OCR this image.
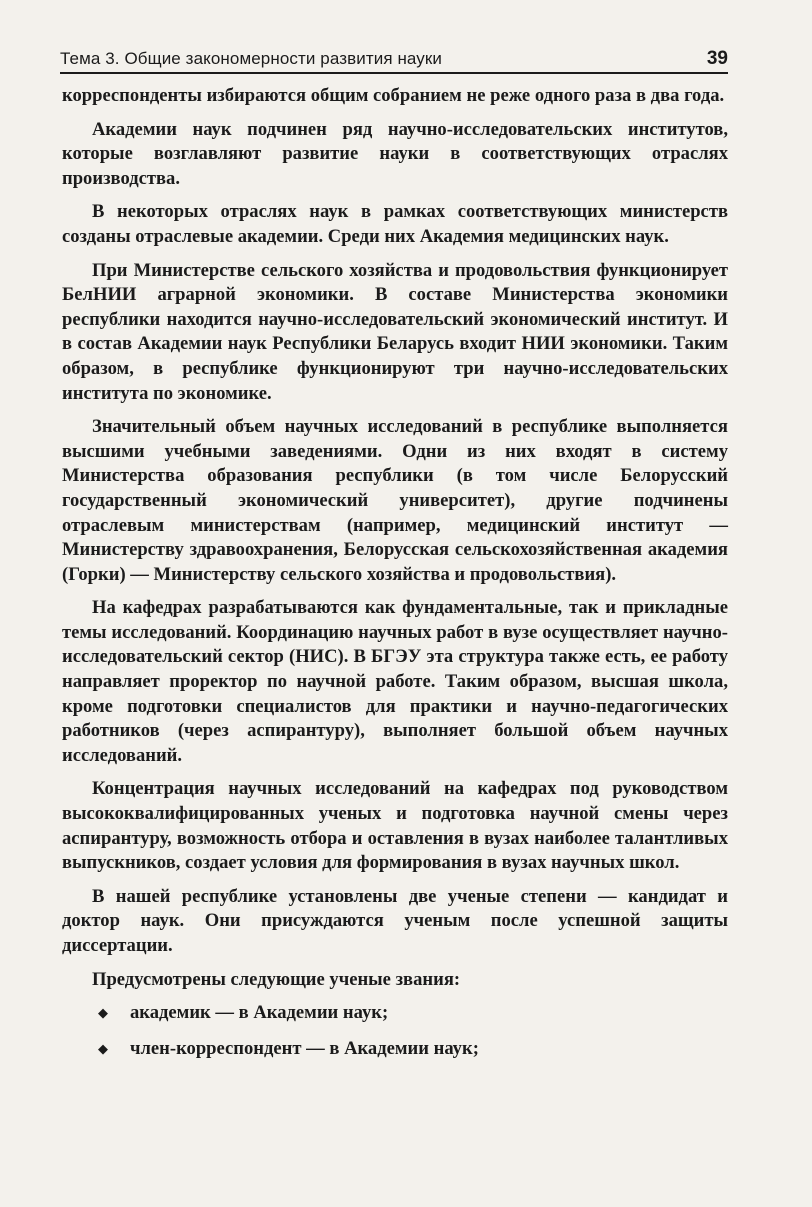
Тема 3. Общие закономерности развития науки	39

корреспонденты избираются общим собранием не реже одного раза в два года.

Академии наук подчинен ряд научно-исследовательских институтов, которые возглавляют развитие науки в соответствующих отраслях производства.

В некоторых отраслях наук в рамках соответствующих министерств созданы отраслевые академии. Среди них Академия медицинских наук.

При Министерстве сельского хозяйства и продовольствия функционирует БелНИИ аграрной экономики. В составе Министерства экономики республики находится научно-исследовательский экономический институт. И в состав Академии наук Республики Беларусь входит НИИ экономики. Таким образом, в республике функционируют три научно-исследовательских института по экономике.

Значительный объем научных исследований в республике выполняется высшими учебными заведениями. Одни из них входят в систему Министерства образования республики (в том числе Белорусский государственный экономический университет), другие подчинены отраслевым министерствам (например, медицинский институт — Министерству здравоохранения, Белорусская сельскохозяйственная академия (Горки) — Министерству сельского хозяйства и продовольствия).

На кафедрах разрабатываются как фундаментальные, так и прикладные темы исследований. Координацию научных работ в вузе осуществляет научно-исследовательский сектор (НИС). В БГЭУ эта структура также есть, ее работу направляет проректор по научной работе. Таким образом, высшая школа, кроме подготовки специалистов для практики и научно-педагогических работников (через аспирантуру), выполняет большой объем научных исследований.

Концентрация научных исследований на кафедрах под руководством высококвалифицированных ученых и подготовка научной смены через аспирантуру, возможность отбора и оставления в вузах наиболее талантливых выпускников, создает условия для формирования в вузах научных школ.

В нашей республике установлены две ученые степени — кандидат и доктор наук. Они присуждаются ученым после успешной защиты диссертации.

Предусмотрены следующие ученые звания:

◆ академик — в Академии наук;
◆ член-корреспондент — в Академии наук;
